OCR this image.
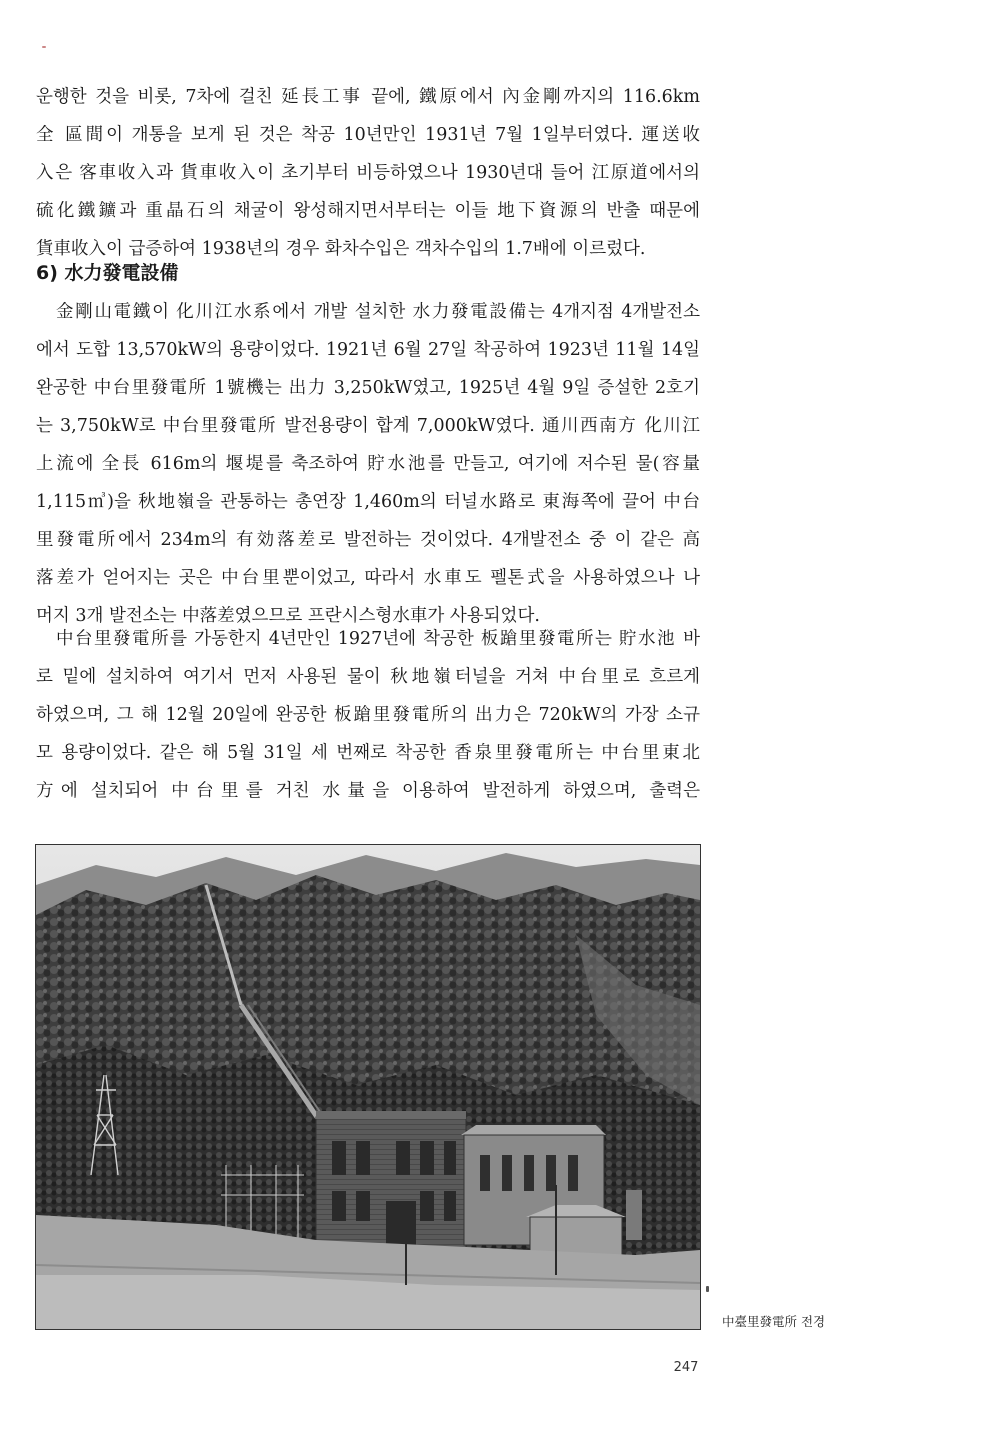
운행한 것을 비롯, 7차에 걸친 延長工事 끝에, 鐵原에서 內金剛까지의 116.6km
全 區間이 개통을 보게 된 것은 착공 10년만인 1931년 7월 1일부터였다. 運送收
入은 客車收入과 貨車收入이 초기부터 비등하였으나 1930년대 들어 江原道에서의
硫化鐵鑛과 重晶石의 채굴이 왕성해지면서부터는 이들 地下資源의 반출 때문에
貨車收入이 급증하여 1938년의 경우 화차수입은 객차수입의 1.7배에 이르렀다.
6) 水力發電設備
金剛山電鐵이 化川江水系에서 개발 설치한 水力發電設備는 4개지점 4개발전소
에서 도합 13,570kW의 용량이었다. 1921년 6월 27일 착공하여 1923년 11월 14일
완공한 中台里發電所 1號機는 出力 3,250kW였고, 1925년 4월 9일 증설한 2호기
는 3,750kW로 中台里發電所 발전용량이 합계 7,000kW였다. 通川西南方 化川江
上流에 全長 616m의 堰堤를 축조하여 貯水池를 만들고, 여기에 저수된 물(容量
1,115㎥)을 秋地嶺을 관통하는 총연장 1,460m의 터널水路로 東海쪽에 끌어 中台
里發電所에서 234m의 有効落差로 발전하는 것이었다. 4개발전소 중 이 같은 高
落差가 얻어지는 곳은 中台里뿐이었고, 따라서 水車도 펠톤式을 사용하였으나 나
머지 3개 발전소는 中落差였으므로 프란시스형水車가 사용되었다.
中台里發電所를 가동한지 4년만인 1927년에 착공한 板蹌里發電所는 貯水池 바
로 밑에 설치하여 여기서 먼저 사용된 물이 秋地嶺터널을 거쳐 中台里로 흐르게
하였으며, 그 해 12월 20일에 완공한 板蹌里發電所의 出力은 720kW의 가장 소규
모 용량이었다. 같은 해 5월 31일 세 번째로 착공한 香泉里發電所는 中台里東北
方에 설치되어 中台里를 거친 水量을 이용하여 발전하게 하였으며, 출력은
中臺里發電所 전경
247
